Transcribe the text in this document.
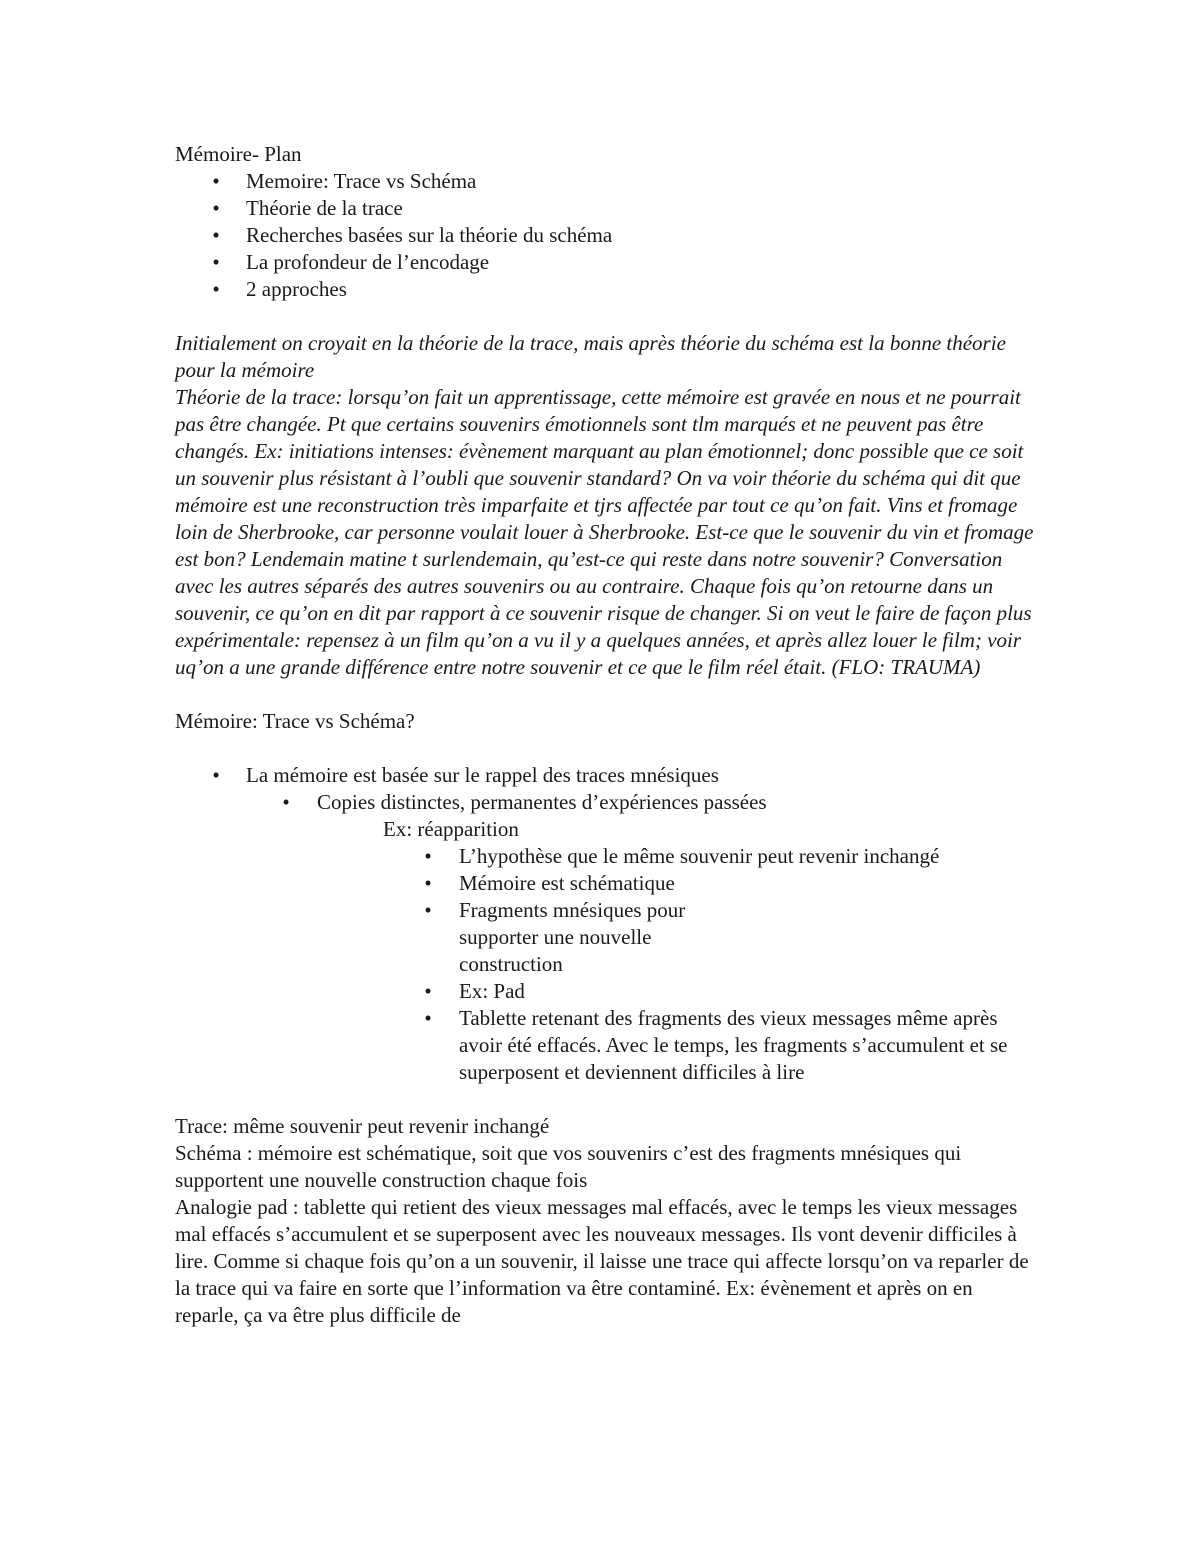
Mémoire- Plan

• Memoire: Trace vs Schéma
• Théorie de la trace
• Recherches basées sur la théorie du schéma
• La profondeur de l’encodage
• 2 approches

Initialement on croyait en la théorie de la trace, mais après théorie du schéma est la bonne théorie pour la mémoire

Théorie de la trace: lorsqu’on fait un apprentissage, cette mémoire est gravée en nous et ne pourrait pas être changée. Pt que certains souvenirs émotionnels sont tlm marqués et ne peuvent pas être changés. Ex: initiations intenses: évènement marquant au plan émotionnel; donc possible que ce soit un souvenir plus résistant à l’oubli que souvenir standard? On va voir théorie du schéma qui dit que mémoire est une reconstruction très imparfaite et tjrs affectée par tout ce qu’on fait. Vins et fromage loin de Sherbrooke, car personne voulait louer à Sherbrooke. Est-ce que le souvenir du vin et fromage est bon? Lendemain matine t surlendemain, qu’est-ce qui reste dans notre souvenir? Conversation avec les autres séparés des autres souvenirs ou au contraire. Chaque fois qu’on retourne dans un souvenir, ce qu’on en dit par rapport à ce souvenir risque de changer. Si on veut le faire de façon plus expérimentale: repensez à un film qu’on a vu il y a quelques années, et après allez louer le film; voir uq’on a une grande différence entre notre souvenir et ce que le film réel était. (FLO: TRAUMA)

Mémoire: Trace vs Schéma?

• La mémoire est basée sur le rappel des traces mnésiques
• Copies distinctes, permanentes d’expériences passées
Ex: réapparition
• L’hypothèse que le même souvenir peut revenir inchangé
• Mémoire est schématique
• Fragments mnésiques pour supporter une nouvelle construction
• Ex: Pad
• Tablette retenant des fragments des vieux messages même après avoir été effacés. Avec le temps, les fragments s’accumulent et se superposent et deviennent difficiles à lire

Trace: même souvenir peut revenir inchangé

Schéma : mémoire est schématique, soit que vos souvenirs c’est des fragments mnésiques qui supportent une nouvelle construction chaque fois

Analogie pad : tablette qui retient des vieux messages mal effacés, avec le temps les vieux messages mal effacés s’accumulent et se superposent avec les nouveaux messages. Ils vont devenir difficiles à lire. Comme si chaque fois qu’on a un souvenir, il laisse une trace qui affecte lorsqu’on va reparler de la trace qui va faire en sorte que l’information va être contaminé. Ex: évènement et après on en reparle, ça va être plus difficile de
